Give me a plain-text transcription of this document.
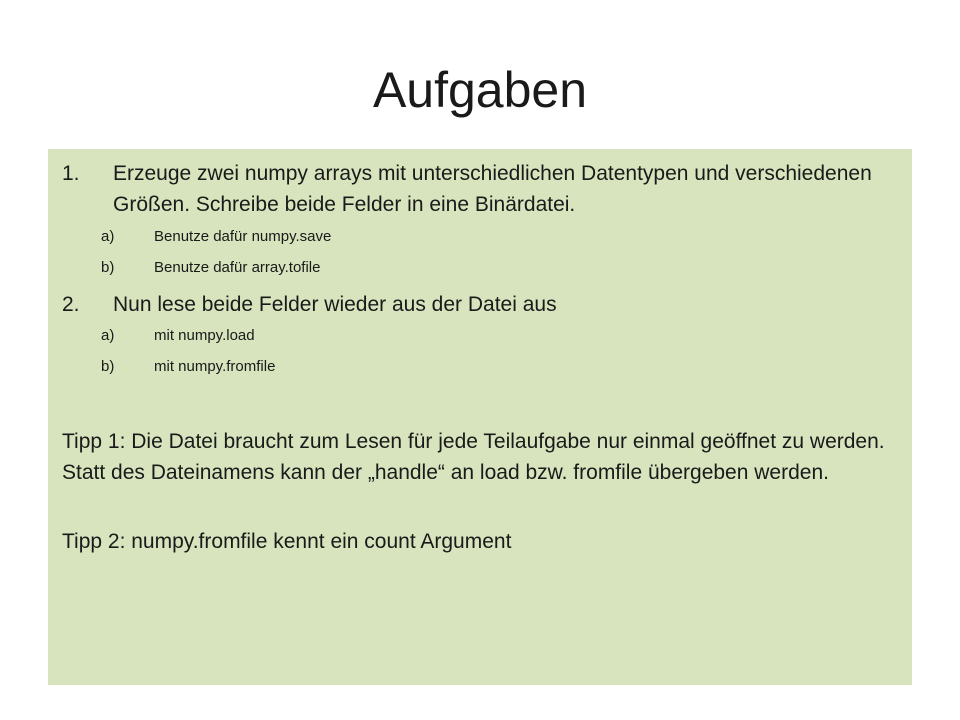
Aufgaben
1. Erzeuge zwei numpy arrays mit unterschiedlichen Datentypen und verschiedenen Größen. Schreibe beide Felder in eine Binärdatei.
a)	Benutze dafür numpy.save
b)	Benutze dafür array.tofile
2. Nun lese beide Felder wieder aus der Datei aus
a)	mit numpy.load
b)	mit numpy.fromfile
Tipp 1: Die Datei braucht zum Lesen für jede Teilaufgabe nur einmal geöffnet zu werden. Statt des Dateinamens kann der „handle“ an load bzw. fromfile übergeben werden.
Tipp 2: numpy.fromfile kennt ein count Argument
